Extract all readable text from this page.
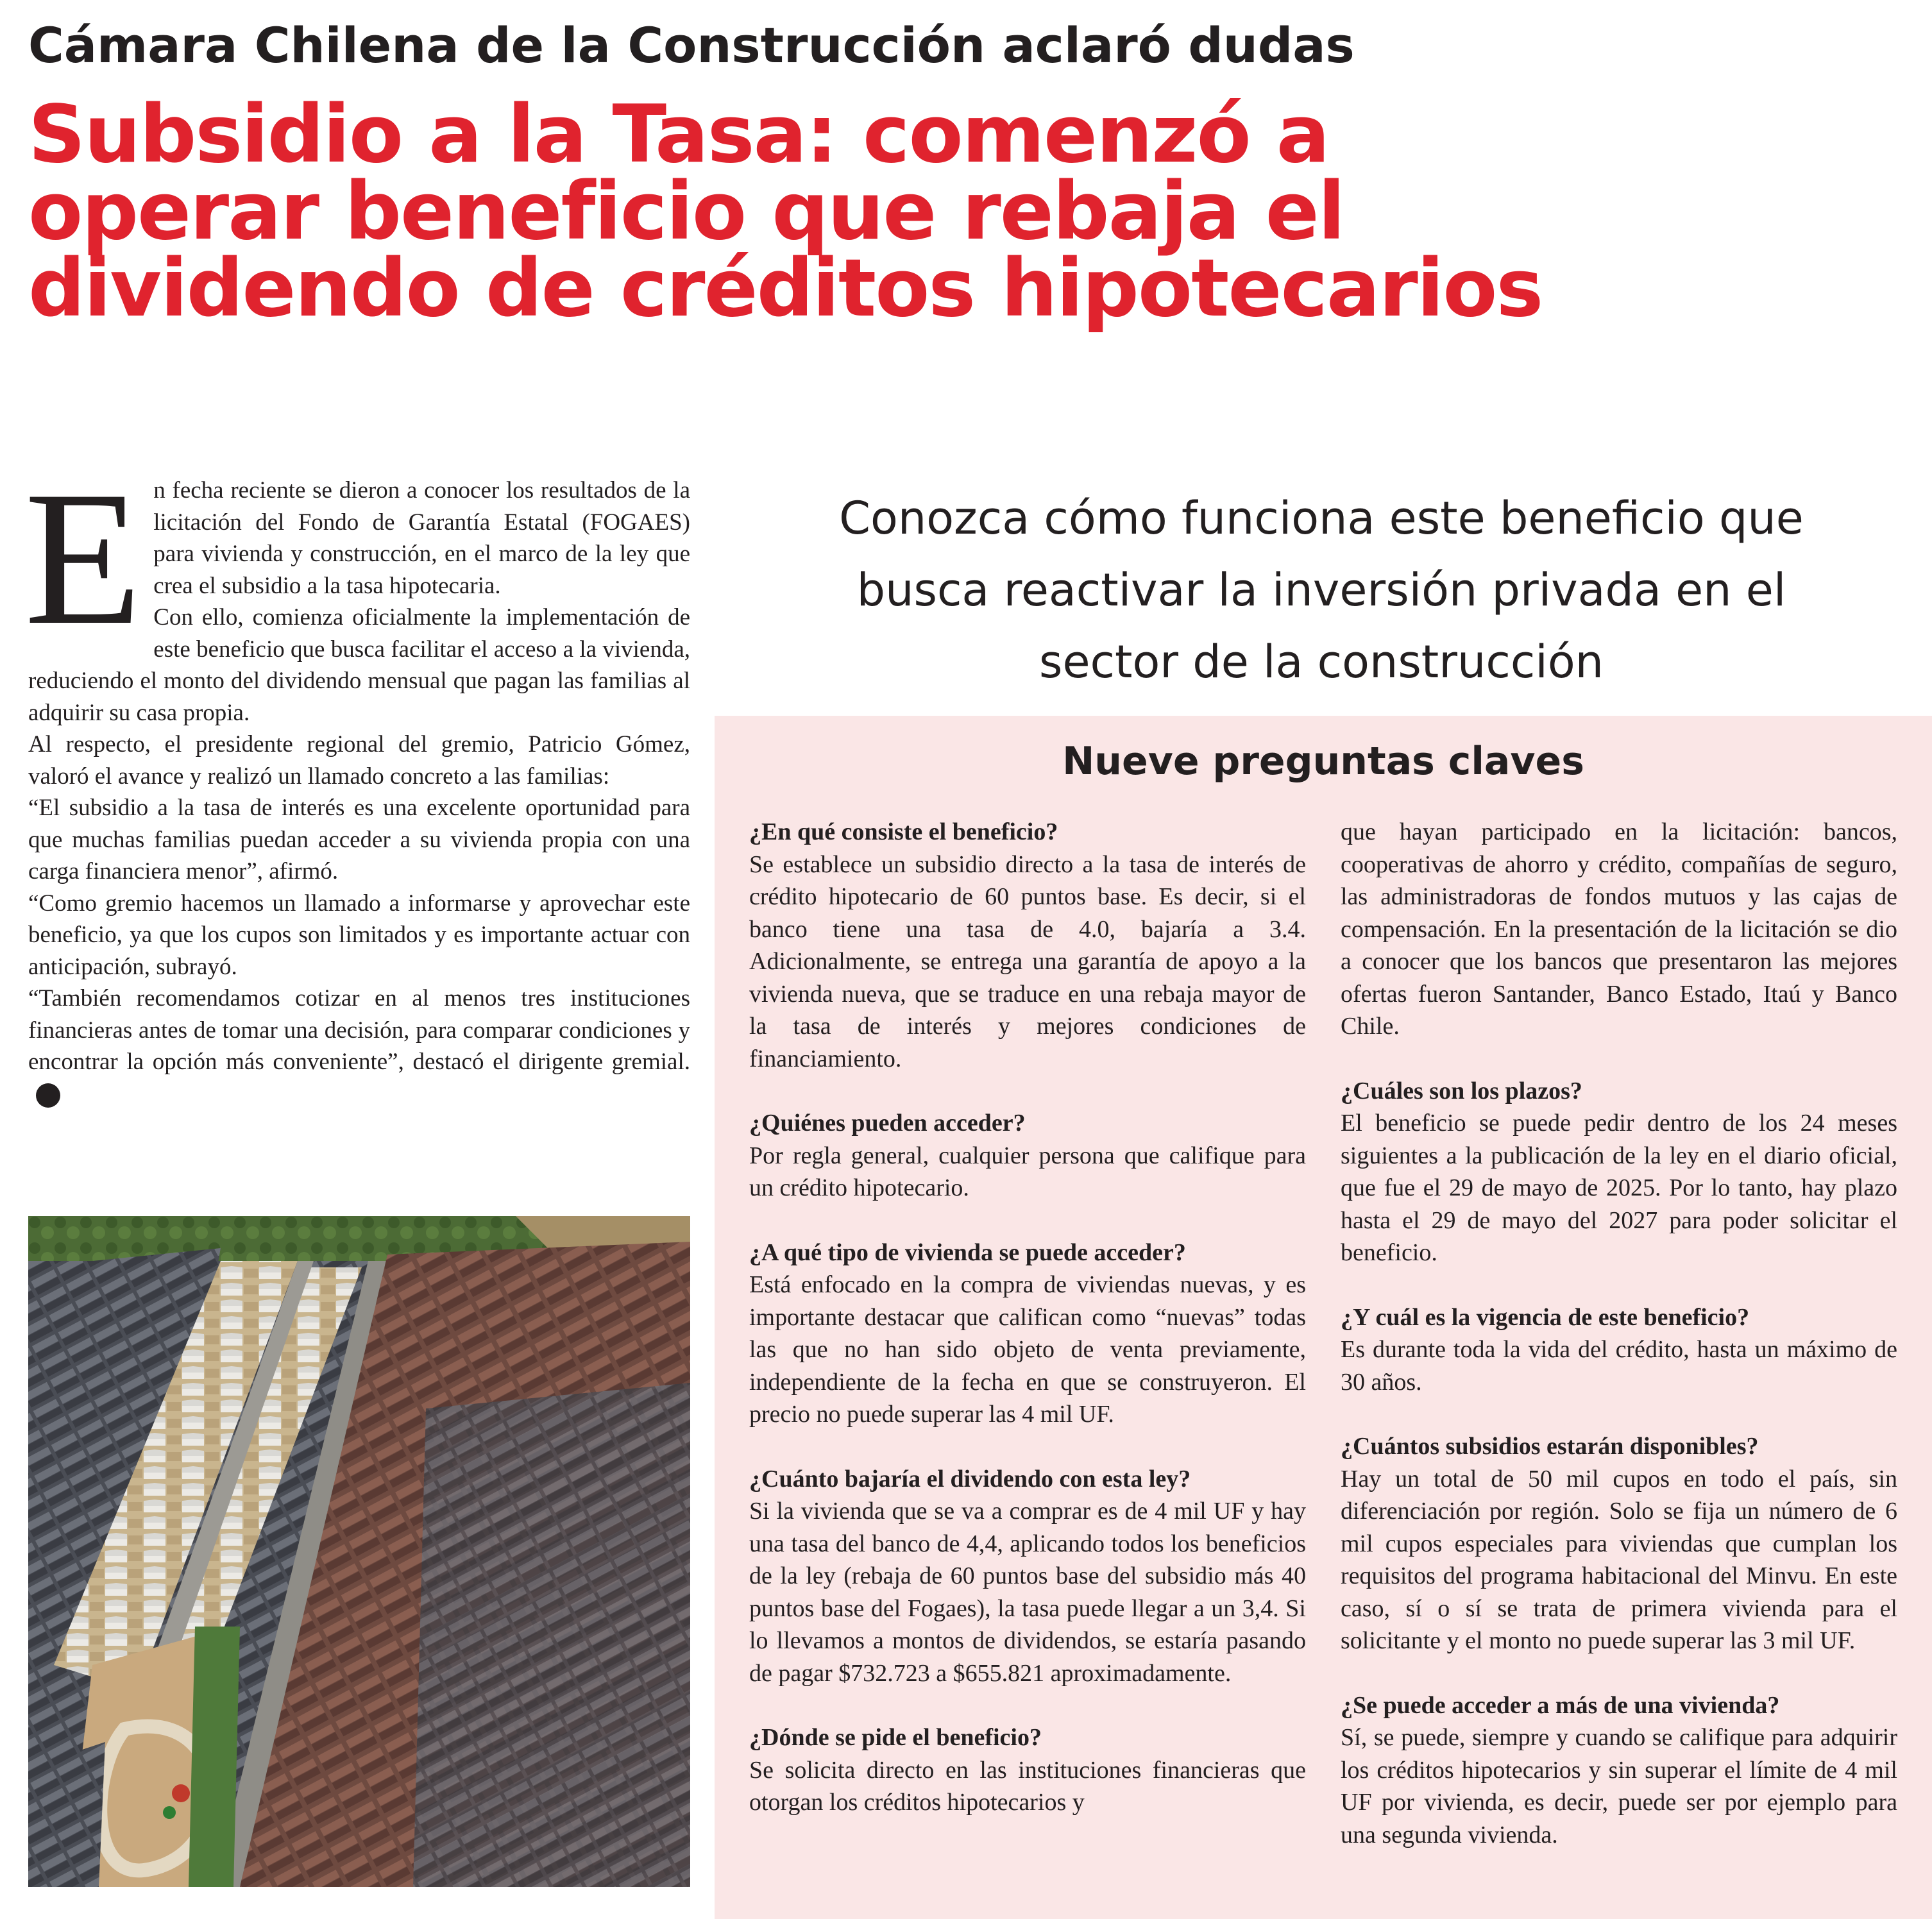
Cámara Chilena de la Construcción aclaró dudas
Subsidio a la Tasa: comenzó a
operar beneficio que rebaja el
dividendo de créditos hipotecarios
E n fecha reciente se dieron a conocer los resultados de la licitación del Fondo de Garantía Estatal (FOGAES) para vivienda y construcción, en el marco de la ley que crea el subsidio a la tasa hipotecaria.

Con ello, comienza oficialmente la implementación de este beneficio que busca facilitar el acceso a la vivienda, reduciendo el monto del dividendo mensual que pagan las familias al adquirir su casa propia.

Al respecto, el presidente regional del gremio, Patricio Gómez, valoró el avance y realizó un llamado concreto a las familias:

“El subsidio a la tasa de interés es una excelente oportunidad para que muchas familias puedan acceder a su vivienda propia con una carga financiera menor”, afirmó.

“Como gremio hacemos un llamado a informarse y aprovechar este beneficio, ya que los cupos son limitados y es importante actuar con anticipación, subrayó.

“También recomendamos cotizar en al menos tres instituciones financieras antes de tomar una decisión, para comparar condiciones y encontrar la opción más conveniente”, destacó el dirigente gremial.

Conozca cómo funciona este beneficio que
busca reactivar la inversión privada en el
sector de la construcción
Nueve preguntas claves
¿En qué consiste el beneficio?

Se establece un subsidio directo a la tasa de interés de crédito hipotecario de 60 puntos base. Es decir, si el banco tiene una tasa de 4.0, bajaría a 3.4. Adicionalmente, se entrega una garantía de apoyo a la vivienda nueva, que se traduce en una rebaja mayor de la tasa de interés y mejores condiciones de financiamiento.

¿Quiénes pueden acceder?

Por regla general, cualquier persona que califique para un crédito hipotecario.

¿A qué tipo de vivienda se puede acceder?

Está enfocado en la compra de viviendas nuevas, y es importante destacar que califican como “nuevas” todas las que no han sido objeto de venta previamente, independiente de la fecha en que se construyeron. El precio no puede superar las 4 mil UF.

¿Cuánto bajaría el dividendo con esta ley?

Si la vivienda que se va a comprar es de 4 mil UF y hay una tasa del banco de 4,4, aplicando todos los beneficios de la ley (rebaja de 60 puntos base del subsidio más 40 puntos base del Fogaes), la tasa puede llegar a un 3,4. Si lo llevamos a montos de dividendos, se estaría pasando de pagar $732.723 a $655.821 aproximadamente.

¿Dónde se pide el beneficio?

Se solicita directo en las instituciones financieras que otorgan los créditos hipotecarios y

que hayan participado en la licitación: bancos, cooperativas de ahorro y crédito, compañías de seguro, las administradoras de fondos mutuos y las cajas de compensación. En la presentación de la licitación se dio a conocer que los bancos que presentaron las mejores ofertas fueron Santander, Banco Estado, Itaú y Banco Chile.

¿Cuáles son los plazos?

El beneficio se puede pedir dentro de los 24 meses siguientes a la publicación de la ley en el diario oficial, que fue el 29 de mayo de 2025. Por lo tanto, hay plazo hasta el 29 de mayo del 2027 para poder solicitar el beneficio.

¿Y cuál es la vigencia de este beneficio?

Es durante toda la vida del crédito, hasta un máximo de 30 años.

¿Cuántos subsidios estarán disponibles?

Hay un total de 50 mil cupos en todo el país, sin diferenciación por región. Solo se fija un número de 6 mil cupos especiales para viviendas que cumplan los requisitos del programa habitacional del Minvu. En este caso, sí o sí se trata de primera vivienda para el solicitante y el monto no puede superar las 3 mil UF.

¿Se puede acceder a más de una vivienda?

Sí, se puede, siempre y cuando se califique para adquirir los créditos hipotecarios y sin superar el límite de 4 mil UF por vivienda, es decir, puede ser por ejemplo para una segunda vivienda.
